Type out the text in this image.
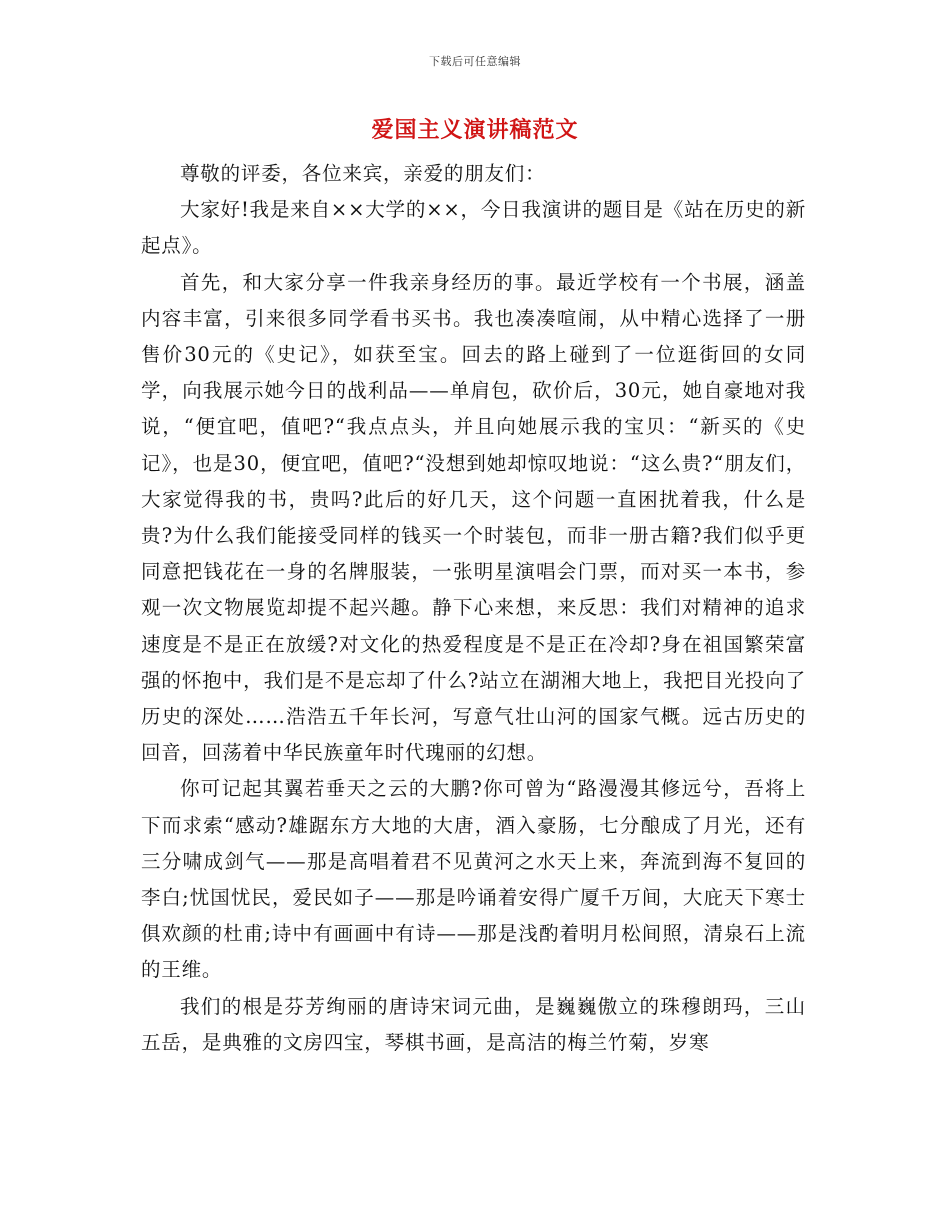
下载后可任意编辑
爱国主义演讲稿范文

尊敬的评委，各位来宾，亲爱的朋友们：

大家好!我是来自××大学的××，今日我演讲的题目是《站在历史的新起点》。

首先，和大家分享一件我亲身经历的事。最近学校有一个书展，涵盖内容丰富，引来很多同学看书买书。我也凑凑喧闹，从中精心选择了一册售价30元的《史记》，如获至宝。回去的路上碰到了一位逛街回的女同学，向我展示她今日的战利品——单肩包，砍价后，30元，她自豪地对我说，“便宜吧，值吧?“我点点头，并且向她展示我的宝贝：“新买的《史记》，也是30，便宜吧，值吧?“没想到她却惊叹地说：“这么贵?“朋友们，大家觉得我的书，贵吗?此后的好几天，这个问题一直困扰着我，什么是贵?为什么我们能接受同样的钱买一个时装包，而非一册古籍?我们似乎更同意把钱花在一身的名牌服装，一张明星演唱会门票，而对买一本书，参观一次文物展览却提不起兴趣。静下心来想，来反思：我们对精神的追求速度是不是正在放缓?对文化的热爱程度是不是正在冷却?身在祖国繁荣富强的怀抱中，我们是不是忘却了什么?站立在湖湘大地上，我把目光投向了历史的深处……浩浩五千年长河，写意气壮山河的国家气概。远古历史的回音，回荡着中华民族童年时代瑰丽的幻想。

你可记起其翼若垂天之云的大鹏?你可曾为“路漫漫其修远兮，吾将上下而求索“感动?雄踞东方大地的大唐，酒入豪肠，七分酿成了月光，还有三分啸成剑气——那是高唱着君不见黄河之水天上来，奔流到海不复回的李白;忧国忧民，爱民如子——那是吟诵着安得广厦千万间，大庇天下寒士俱欢颜的杜甫;诗中有画画中有诗——那是浅酌着明月松间照，清泉石上流的王维。

我们的根是芬芳绚丽的唐诗宋词元曲，是巍巍傲立的珠穆朗玛，三山五岳，是典雅的文房四宝，琴棋书画，是高洁的梅兰竹菊，岁寒
